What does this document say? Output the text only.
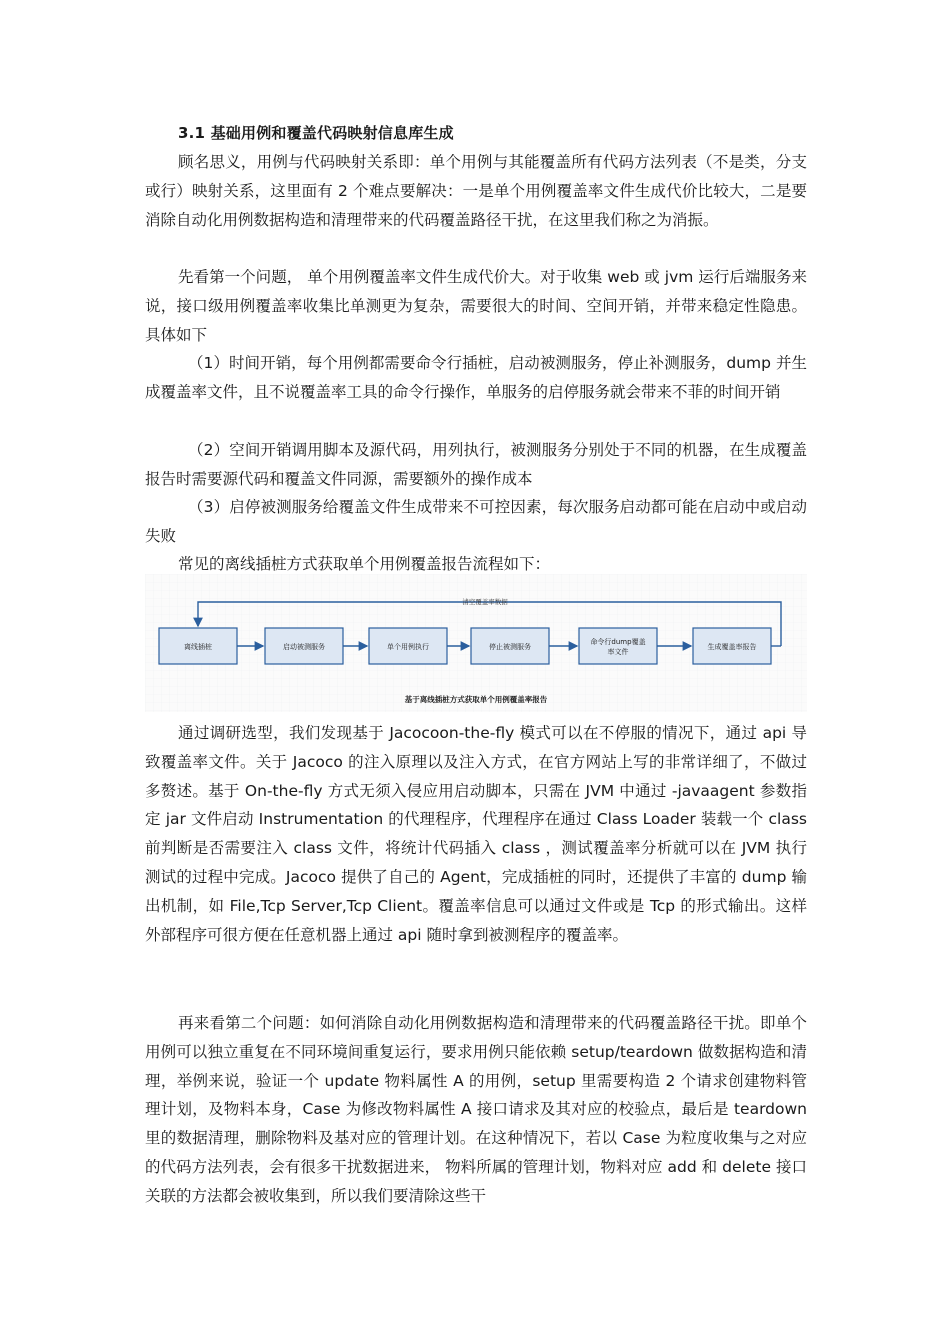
3.1 基础用例和覆盖代码映射信息库生成
顾名思义，用例与代码映射关系即：单个用例与其能覆盖所有代码方法列表（不是类，分支或行）映射关系，这里面有 2 个难点要解决：一是单个用例覆盖率文件生成代价比较大，二是要消除自动化用例数据构造和清理带来的代码覆盖路径干扰，在这里我们称之为消振。
先看第一个问题， 单个用例覆盖率文件生成代价大。对于收集 web 或 jvm 运行后端服务来说，接口级用例覆盖率收集比单测更为复杂，需要很大的时间、空间开销，并带来稳定性隐患。具体如下
（1）时间开销，每个用例都需要命令行插桩，启动被测服务，停止补测服务，dump 并生成覆盖率文件，且不说覆盖率工具的命令行操作，单服务的启停服务就会带来不菲的时间开销
（2）空间开销调用脚本及源代码，用列执行，被测服务分别处于不同的机器，在生成覆盖报告时需要源代码和覆盖文件同源，需要额外的操作成本
（3）启停被测服务给覆盖文件生成带来不可控因素，每次服务启动都可能在启动中或启动失败
常见的离线插桩方式获取单个用例覆盖报告流程如下：
清空覆盖率数据
离线插桩	启动被测服务	单个用例执行	停止被测服务
命令行dump覆盖
率文件
生成覆盖率报告
基于离线插桩方式获取单个用例覆盖率报告
通过调研选型，我们发现基于 Jacocoon-the-fly 模式可以在不停服的情况下，通过 api 导致覆盖率文件。关于 Jacoco 的注入原理以及注入方式，在官方网站上写的非常详细了，不做过多赘述。基于 On-the-fly 方式无须入侵应用启动脚本，只需在 JVM 中通过 -javaagent 参数指定 jar 文件启动 Instrumentation 的代理程序，代理程序在通过 Class Loader 装载一个 class 前判断是否需要注入 class 文件，将统计代码插入 class ，测试覆盖率分析就可以在 JVM 执行测试的过程中完成。Jacoco 提供了自己的 Agent，完成插桩的同时，还提供了丰富的 dump 输出机制，如 File,Tcp Server,Tcp Client。覆盖率信息可以通过文件或是 Tcp 的形式输出。这样外部程序可很方便在任意机器上通过 api 随时拿到被测程序的覆盖率。
再来看第二个问题：如何消除自动化用例数据构造和清理带来的代码覆盖路径干扰。即单个用例可以独立重复在不同环境间重复运行，要求用例只能依赖 setup/teardown 做数据构造和清理，举例来说，验证一个 update 物料属性 A 的用例，setup 里需要构造 2 个请求创建物料管理计划，及物料本身，Case 为修改物料属性 A 接口请求及其对应的校验点，最后是 teardown 里的数据清理，删除物料及基对应的管理计划。在这种情况下，若以 Case 为粒度收集与之对应的代码方法列表，会有很多干扰数据进来， 物料所属的管理计划，物料对应 add 和 delete 接口关联的方法都会被收集到，所以我们要清除这些干
